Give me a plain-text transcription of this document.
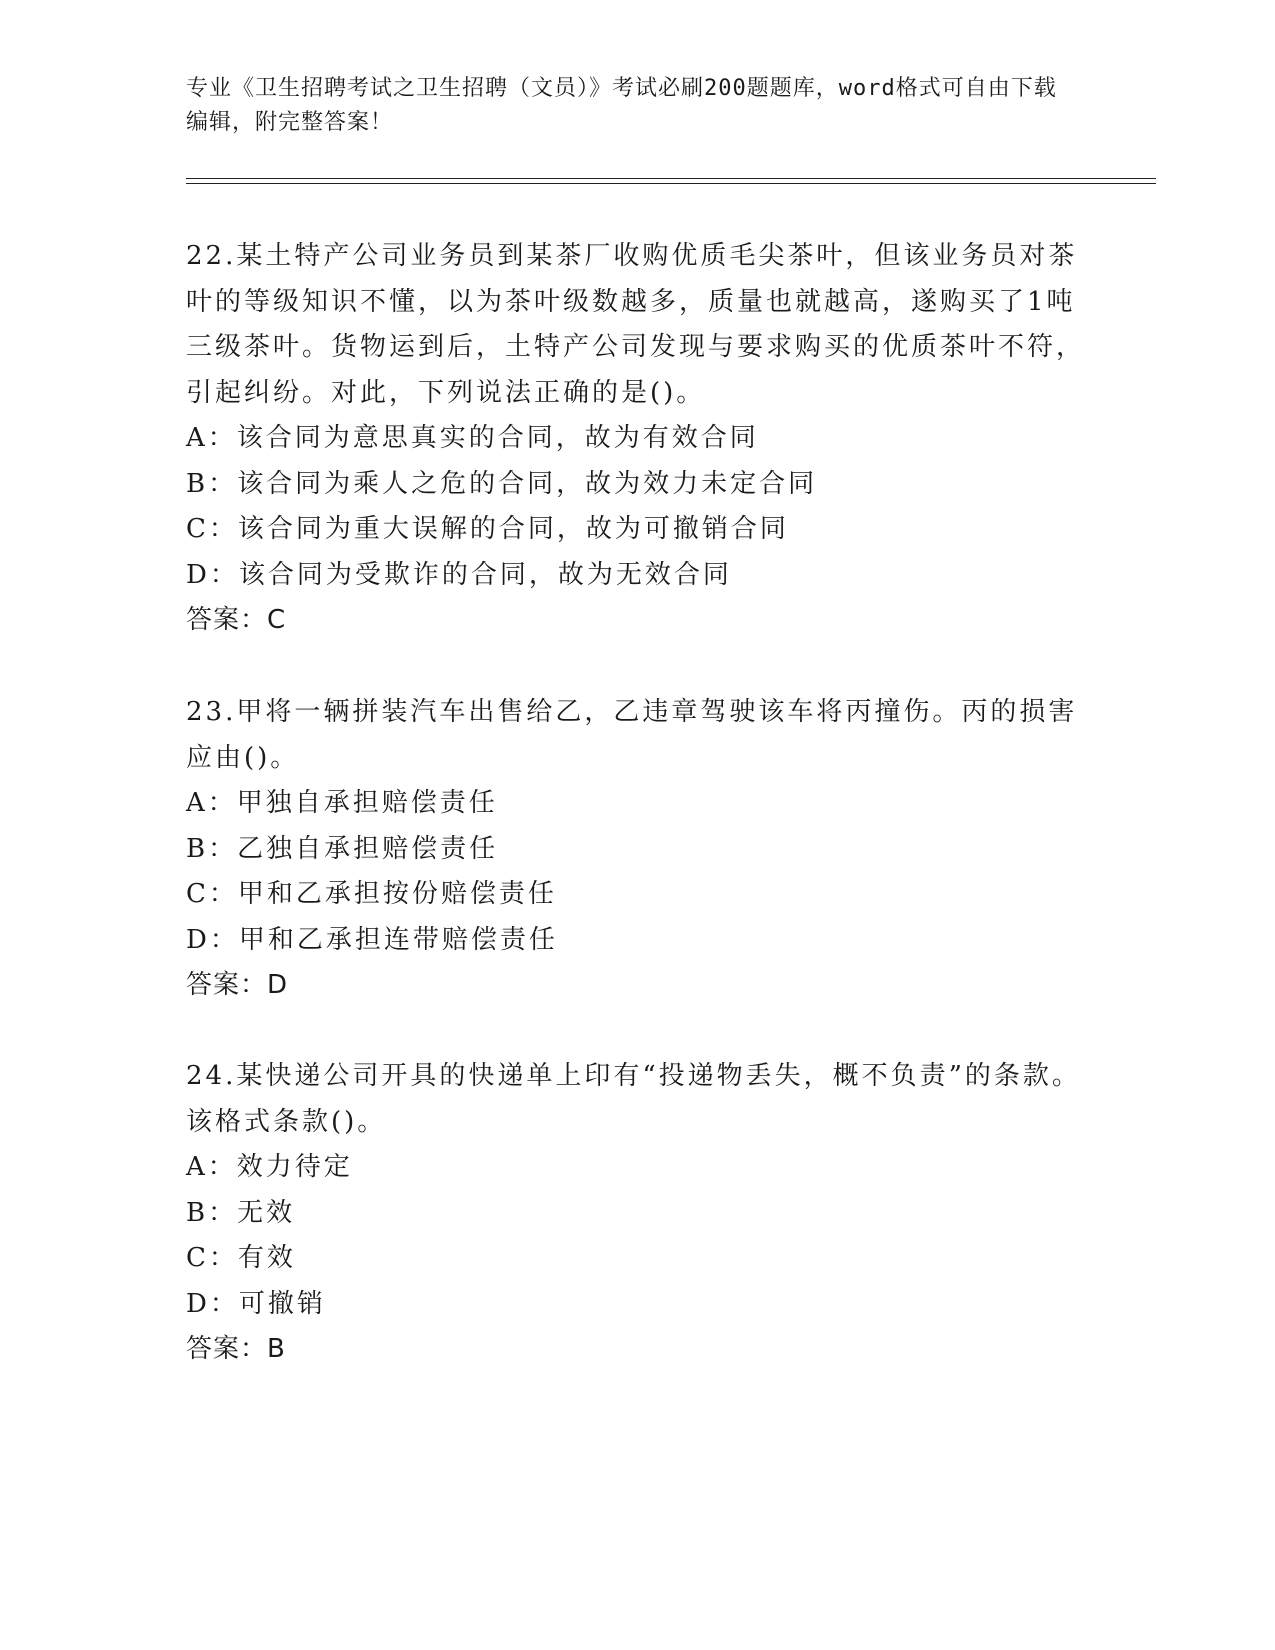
专业《卫生招聘考试之卫生招聘（文员）》考试必刷200题题库，word格式可自由下载编辑，附完整答案！

22.某土特产公司业务员到某茶厂收购优质毛尖茶叶，但该业务员对茶叶的等级知识不懂，以为茶叶级数越多，质量也就越高，遂购买了1吨三级茶叶。货物运到后，土特产公司发现与要求购买的优质茶叶不符，引起纠纷。对此，下列说法正确的是()。

A：该合同为意思真实的合同，故为有效合同

B：该合同为乘人之危的合同，故为效力未定合同

C：该合同为重大误解的合同，故为可撤销合同

D：该合同为受欺诈的合同，故为无效合同

答案：C

23.甲将一辆拼装汽车出售给乙，乙违章驾驶该车将丙撞伤。丙的损害应由()。

A：甲独自承担赔偿责任

B：乙独自承担赔偿责任

C：甲和乙承担按份赔偿责任

D：甲和乙承担连带赔偿责任

答案：D

24.某快递公司开具的快递单上印有“投递物丢失，概不负责”的条款。该格式条款()。

A：效力待定

B：无效

C：有效

D：可撤销

答案：B
